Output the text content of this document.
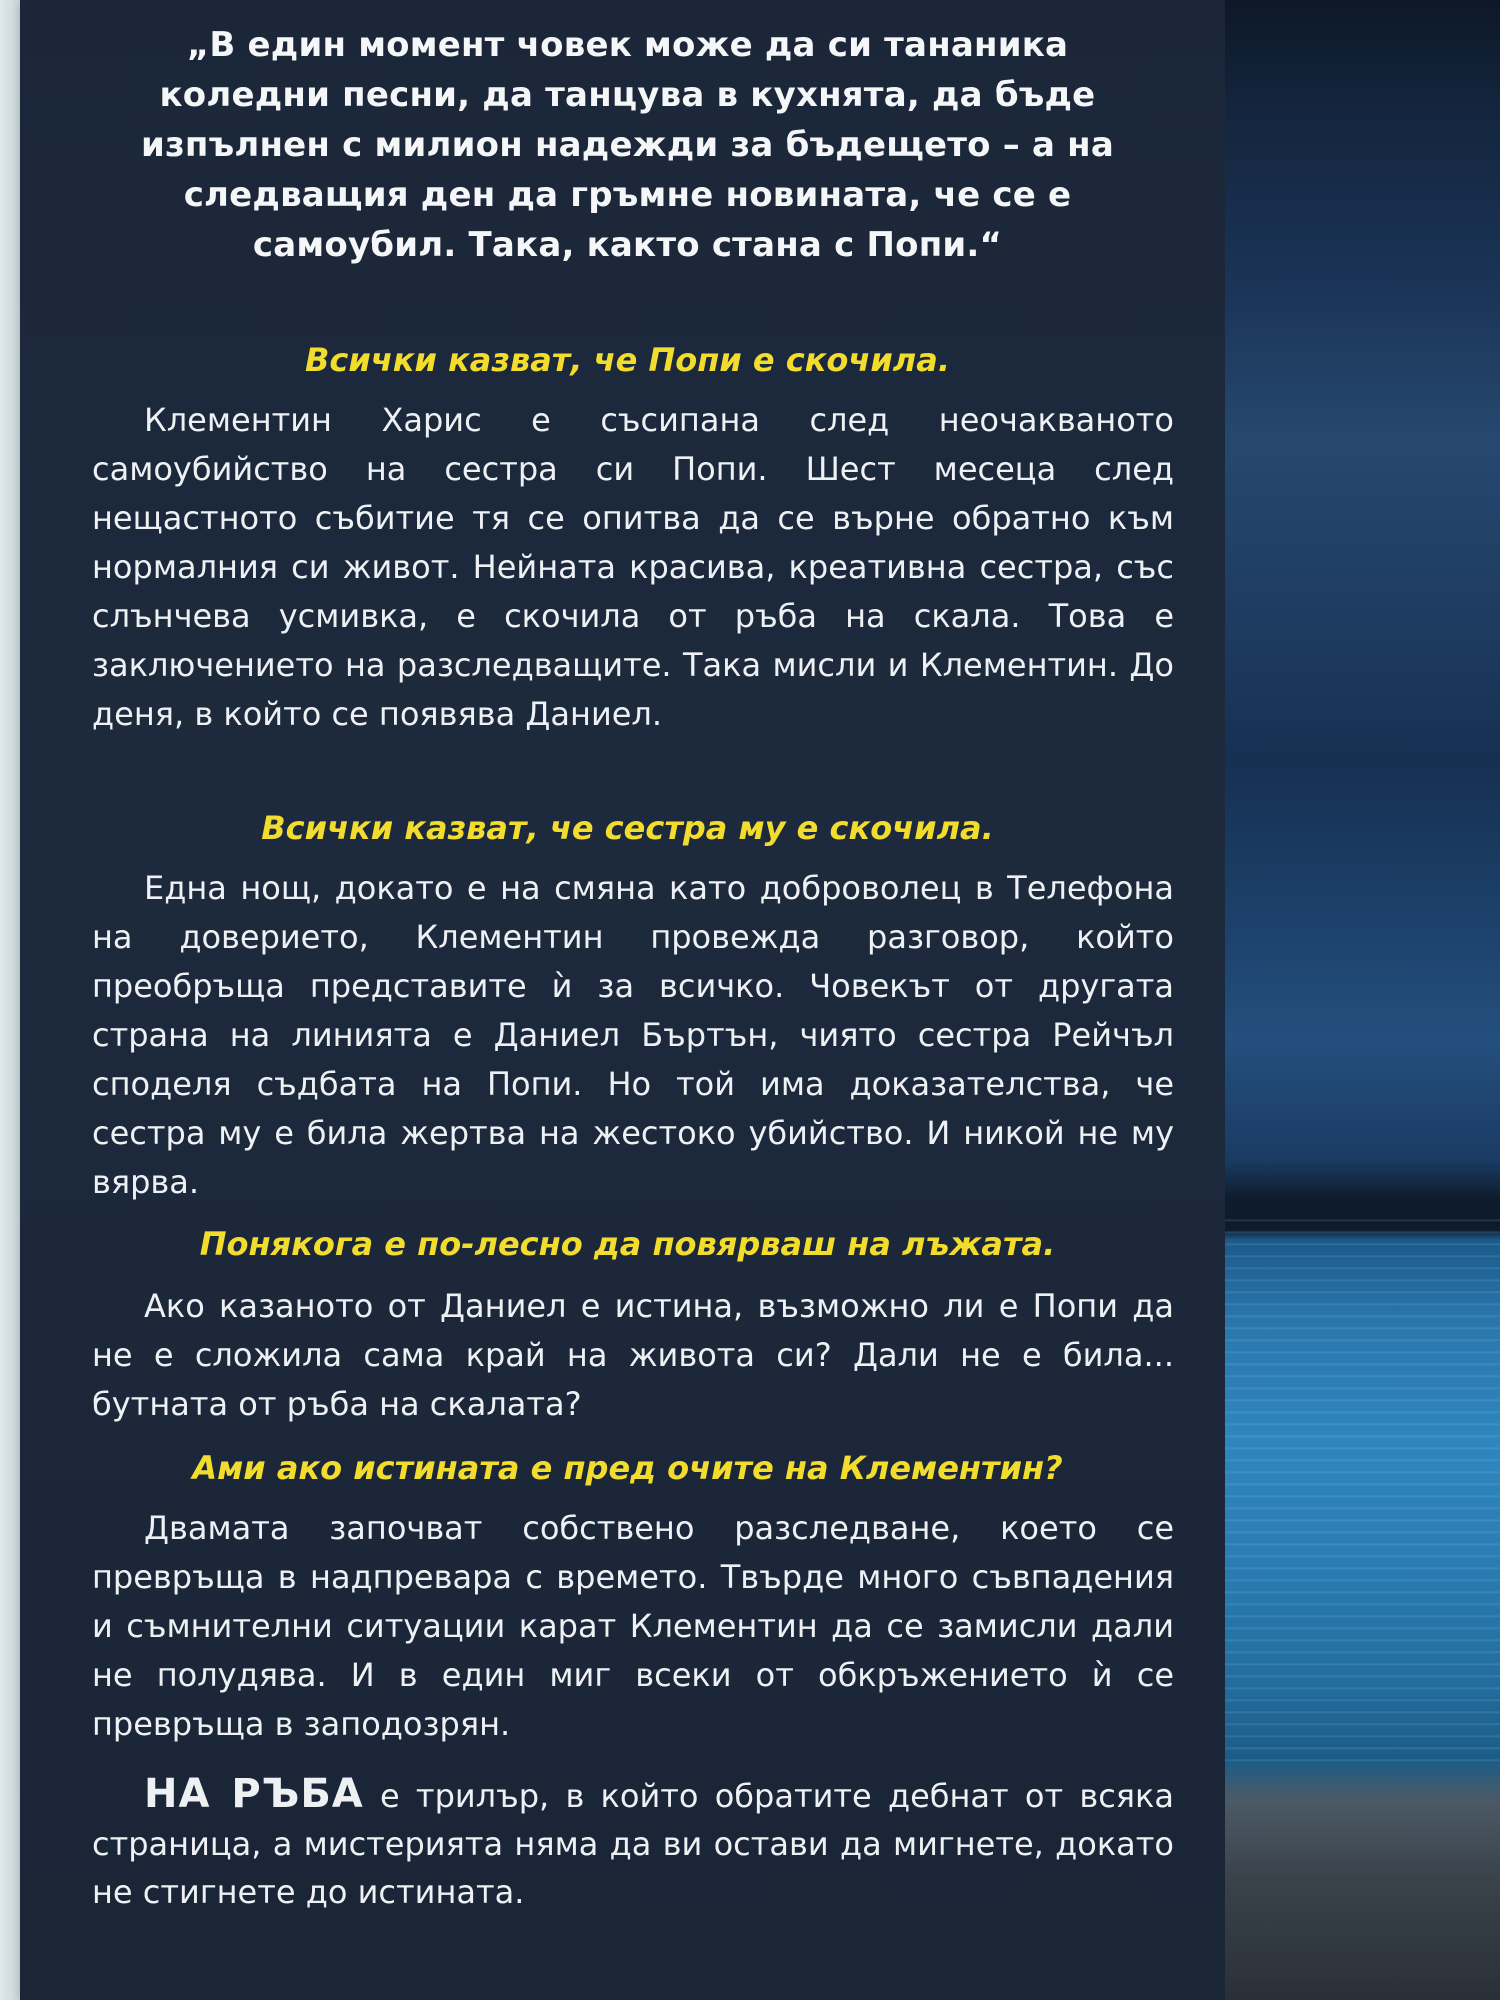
„В един момент човек може да си тананика коледни песни, да танцува в кухнята, да бъде изпълнен с милион надежди за бъдещето – а на следващия ден да гръмне новината, че се е самоубил. Така, както стана с Попи.“

Всички казват, че Попи е скочила.

Клементин Харис е съсипана след неочакваното самоубийство на сестра си Попи. Шест месеца след нещастното събитие тя се опитва да се върне обратно към нормалния си живот. Нейната красива, креативна сестра, със слънчева усмивка, е скочила от ръба на скала. Това е заключението на разследващите. Така мисли и Клементин. До деня, в който се появява Даниел.

Всички казват, че сестра му е скочила.

Една нощ, докато е на смяна като доброволец в Телефона на доверието, Клементин провежда разговор, който преобръща представите ѝ за всичко. Човекът от другата страна на линията е Даниел Бъртън, чиято сестра Рейчъл споделя съдбата на Попи. Но той има доказателства, че сестра му е била жертва на жестоко убийство. И никой не му вярва.

Понякога е по-лесно да повярваш на лъжата.

Ако казаното от Даниел е истина, възможно ли е Попи да не е сложила сама край на живота си? Дали не е била... бутната от ръба на скалата?

Ами ако истината е пред очите на Клементин?

Двамата започват собствено разследване, което се превръща в надпревара с времето. Твърде много съвпадения и съмнителни ситуации карат Клементин да се замисли дали не полудява. И в един миг всеки от обкръжението ѝ се превръща в заподозрян.

НА РЪБА е трилър, в който обратите дебнат от всяка страница, а мистерията няма да ви остави да мигнете, докато не стигнете до истината.
